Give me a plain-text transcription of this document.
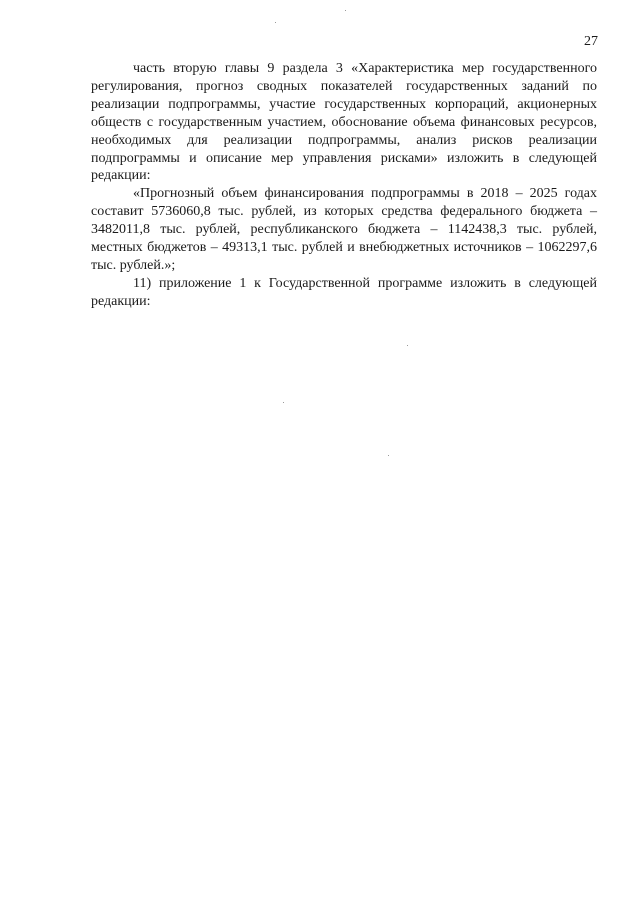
27

часть вторую главы 9 раздела 3 «Характеристика мер государственного регулирования, прогноз сводных показателей государственных заданий по реализации подпрограммы, участие государственных корпораций, акционерных обществ с государственным участием, обоснование объема финансовых ресурсов, необходимых для реализации подпрограммы, анализ рисков реализации подпрограммы и описание мер управления рисками» изложить в следующей редакции:

«Прогнозный объем финансирования подпрограммы в 2018 – 2025 годах составит 5736060,8 тыс. рублей, из которых средства федерального бюджета – 3482011,8 тыс. рублей, республиканского бюджета – 1142438,3 тыс. рублей, местных бюджетов – 49313,1 тыс. рублей и внебюджетных источников – 1062297,6 тыс. рублей.»;

11) приложение 1 к Государственной программе изложить в следующей редакции:
